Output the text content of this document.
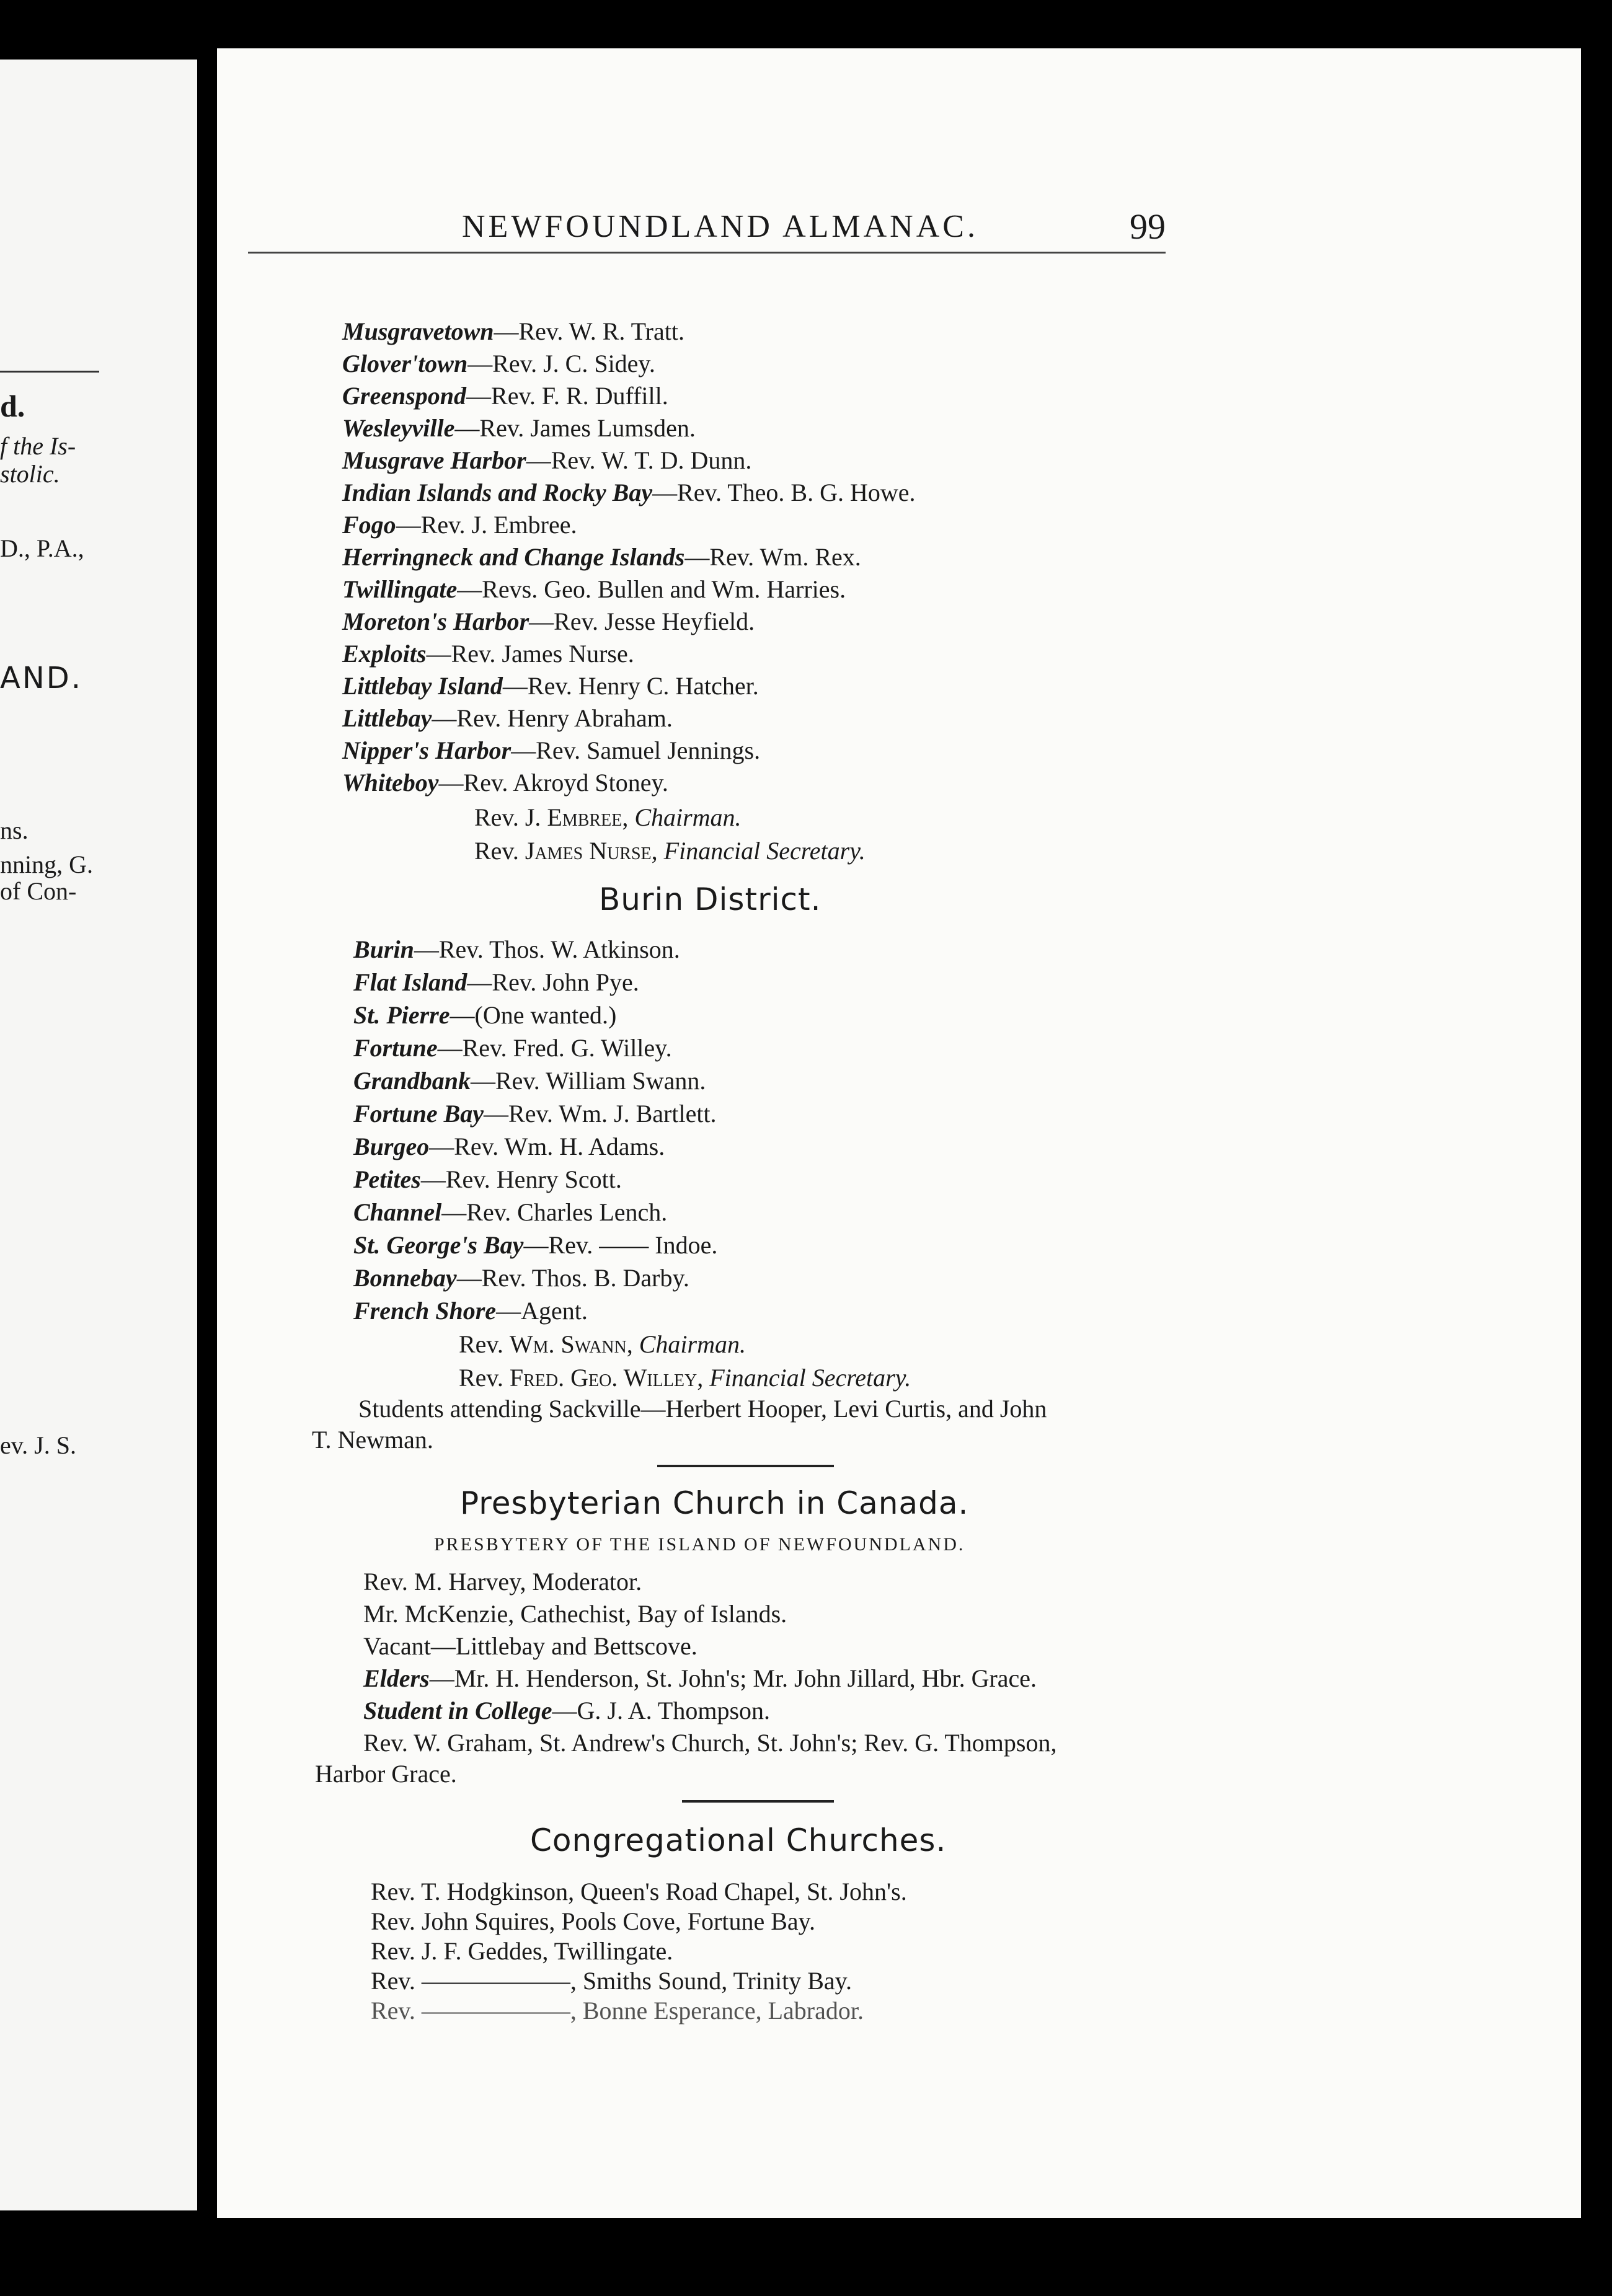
d.
f the Is-
stolic.
D., P.A.,
AND.
ns.
nning, G.
of Con-
ev. J. S.
NEWFOUNDLAND ALMANAC.	99
Musgravetown—Rev. W. R. Tratt.
Glover'town—Rev. J. C. Sidey.
Greenspond—Rev. F. R. Duffill.
Wesleyville—Rev. James Lumsden.
Musgrave Harbor—Rev. W. T. D. Dunn.
Indian Islands and Rocky Bay—Rev. Theo. B. G. Howe.
Fogo—Rev. J. Embree.
Herringneck and Change Islands—Rev. Wm. Rex.
Twillingate—Revs. Geo. Bullen and Wm. Harries.
Moreton's Harbor—Rev. Jesse Heyfield.
Exploits—Rev. James Nurse.
Littlebay Island—Rev. Henry C. Hatcher.
Littlebay—Rev. Henry Abraham.
Nipper's Harbor—Rev. Samuel Jennings.
Whiteboy—Rev. Akroyd Stoney.
Rev. J. Embree, Chairman.
Rev. James Nurse, Financial Secretary.
Burin District.
Burin—Rev. Thos. W. Atkinson.
Flat Island—Rev. John Pye.
St. Pierre—(One wanted.)
Fortune—Rev. Fred. G. Willey.
Grandbank—Rev. William Swann.
Fortune Bay—Rev. Wm. J. Bartlett.
Burgeo—Rev. Wm. H. Adams.
Petites—Rev. Henry Scott.
Channel—Rev. Charles Lench.
St. George's Bay—Rev. —— Indoe.
Bonnebay—Rev. Thos. B. Darby.
French Shore—Agent.
Rev. Wm. Swann, Chairman.
Rev. Fred. Geo. Willey, Financial Secretary.
Students attending Sackville—Herbert Hooper, Levi Curtis, and John
T. Newman.
Presbyterian Church in Canada.
PRESBYTERY OF THE ISLAND OF NEWFOUNDLAND.
Rev. M. Harvey, Moderator.
Mr. McKenzie, Cathechist, Bay of Islands.
Vacant—Littlebay and Bettscove.
Elders—Mr. H. Henderson, St. John's; Mr. John Jillard, Hbr. Grace.
Student in College—G. J. A. Thompson.
Rev. W. Graham, St. Andrew's Church, St. John's; Rev. G. Thompson,
Harbor Grace.
Congregational Churches.
Rev. T. Hodgkinson, Queen's Road Chapel, St. John's.
Rev. John Squires, Pools Cove, Fortune Bay.
Rev. J. F. Geddes, Twillingate.
Rev. ——————, Smiths Sound, Trinity Bay.
Rev. ——————, Bonne Esperance, Labrador.
